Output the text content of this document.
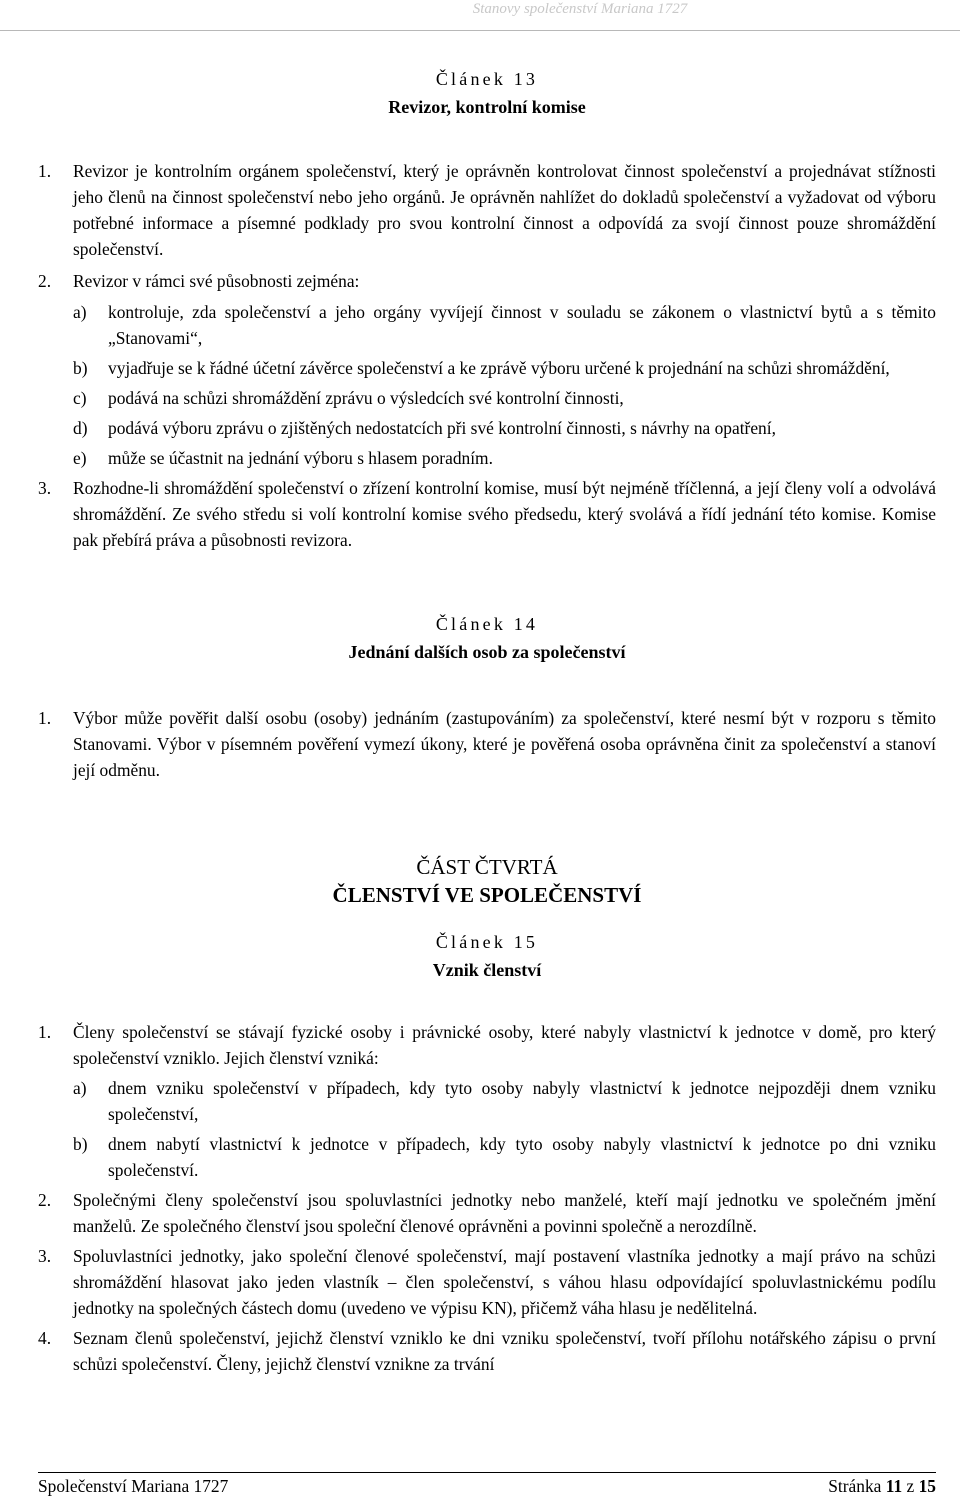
Stanovy společenství Mariana 1727

Článek 13

Revizor, kontrolní komise

1. Revizor je kontrolním orgánem společenství, který je oprávněn kontrolovat činnost společenství a projednávat stížnosti jeho členů na činnost společenství nebo jeho orgánů. Je oprávněn nahlížet do dokladů společenství a vyžadovat od výboru potřebné informace a písemné podklady pro svou kontrolní činnost a odpovídá za svojí činnost pouze shromáždění společenství.
2. Revizor v rámci své působnosti zejména:
a) kontroluje, zda společenství a jeho orgány vyvíjejí činnost v souladu se zákonem o vlastnictví bytů a s těmito „Stanovami“,
b) vyjadřuje se k řádné účetní závěrce společenství a ke zprávě výboru určené k projednání na schůzi shromáždění,
c) podává na schůzi shromáždění zprávu o výsledcích své kontrolní činnosti,
d) podává výboru zprávu o zjištěných nedostatcích při své kontrolní činnosti, s návrhy na opatření,
e) může se účastnit na jednání výboru s hlasem poradním.
3. Rozhodne-li shromáždění společenství o zřízení kontrolní komise, musí být nejméně tříčlenná, a její členy volí a odvolává shromáždění. Ze svého středu si volí kontrolní komise svého předsedu, který svolává a řídí jednání této komise. Komise pak přebírá práva a působnosti revizora.

Článek 14

Jednání dalších osob za společenství

1. Výbor může pověřit další osobu (osoby) jednáním (zastupováním) za společenství, které nesmí být v rozporu s těmito Stanovami. Výbor v písemném pověření vymezí úkony, které je pověřená osoba oprávněna činit za společenství a stanoví její odměnu.

ČÁST ČTVRTÁ

ČLENSTVÍ VE SPOLEČENSTVÍ

Článek 15

Vznik členství

1. Členy společenství se stávají fyzické osoby i právnické osoby, které nabyly vlastnictví k jednotce v domě, pro který společenství vzniklo. Jejich členství vzniká:
a) dnem vzniku společenství v případech, kdy tyto osoby nabyly vlastnictví k jednotce nejpozději dnem vzniku společenství,
b) dnem nabytí vlastnictví k jednotce v případech, kdy tyto osoby nabyly vlastnictví k jednotce po dni vzniku společenství.
2. Společnými členy společenství jsou spoluvlastníci jednotky nebo manželé, kteří mají jednotku ve společném jmění manželů. Ze společného členství jsou společní členové oprávněni a povinni společně a nerozdílně.
3. Spoluvlastníci jednotky, jako společní členové společenství, mají postavení vlastníka jednotky a mají právo na schůzi shromáždění hlasovat jako jeden vlastník – člen společenství, s váhou hlasu odpovídající spoluvlastnickému podílu jednotky na společných částech domu (uvedeno ve výpisu KN), přičemž váha hlasu je nedělitelná.
4. Seznam členů společenství, jejichž členství vzniklo ke dni vzniku společenství, tvoří přílohu notářského zápisu o první schůzi společenství. Členy, jejichž členství vznikne za trvání
Společenství Mariana 1727	Stránka 11 z 15
